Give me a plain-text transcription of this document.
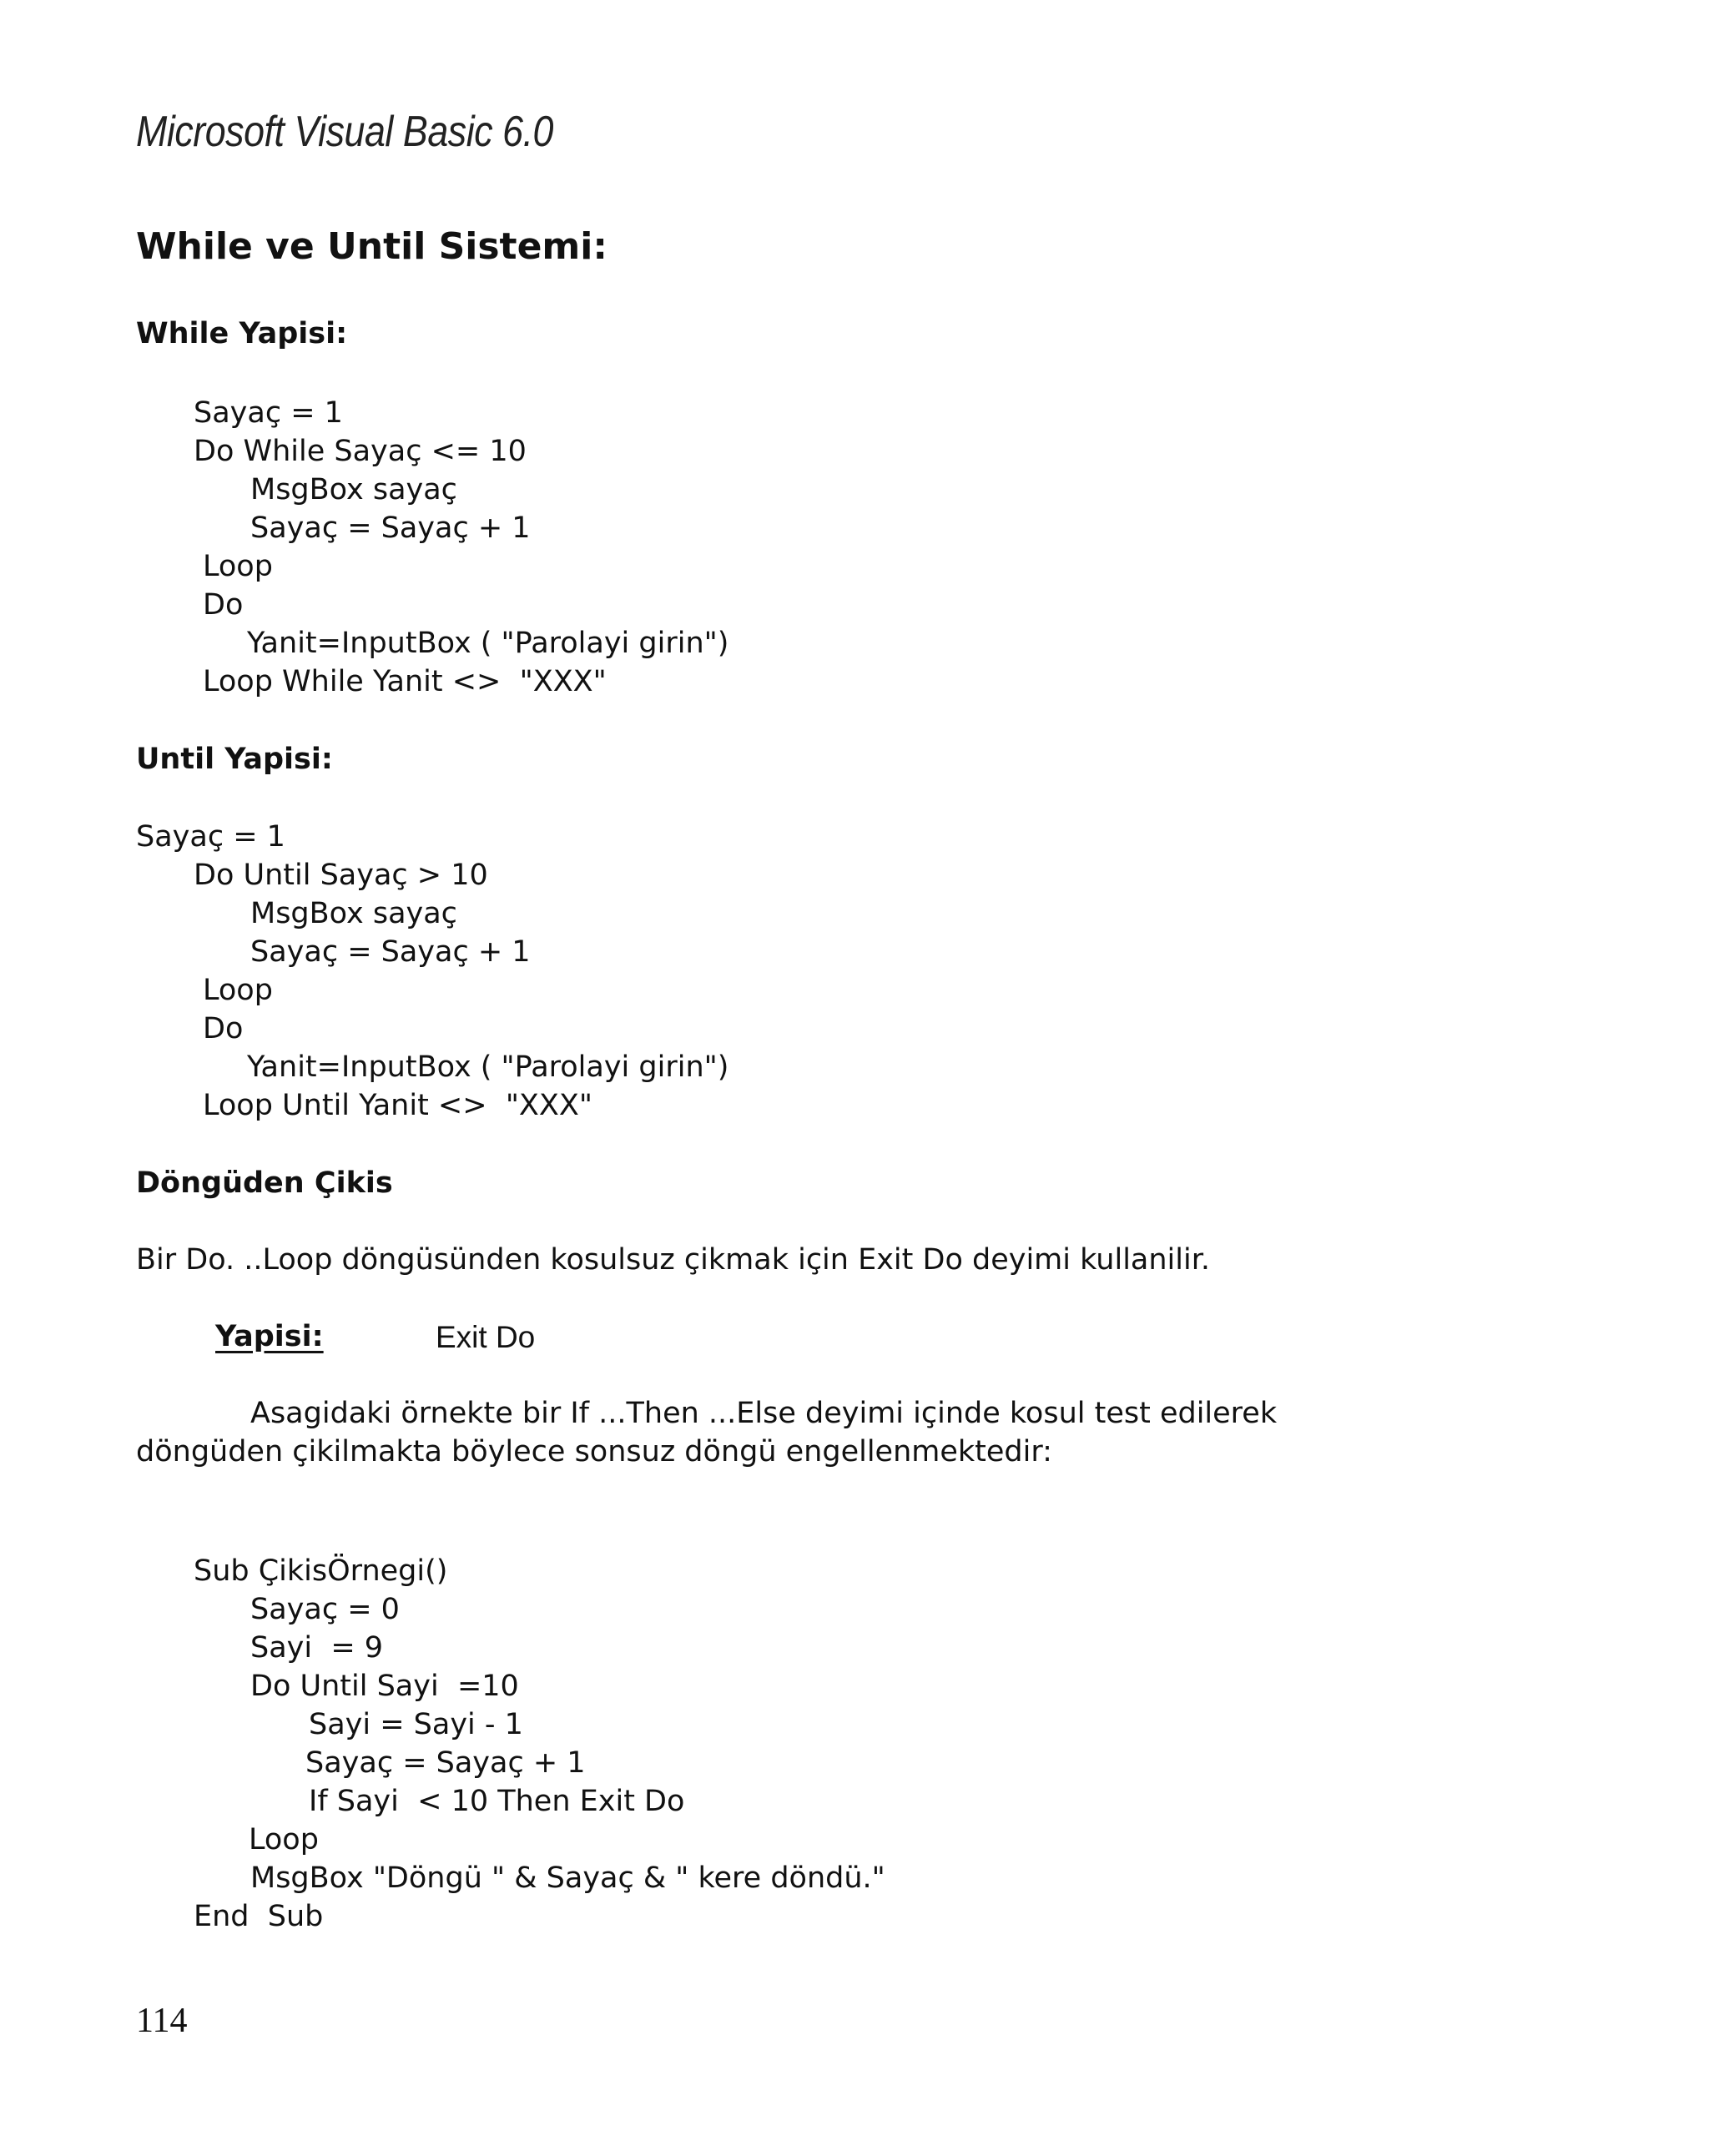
Microsoft Visual Basic 6.0
While ve Until Sistemi:
While Yapisi:
Sayaç = 1
Do While Sayaç <= 10
MsgBox sayaç
Sayaç = Sayaç + 1
Loop
Do
Yanit=InputBox ( "Parolayi girin")
Loop While Yanit <>  "XXX"
Until Yapisi:
Sayaç = 1
Do Until Sayaç > 10
MsgBox sayaç
Sayaç = Sayaç + 1
Loop
Do
Yanit=InputBox ( "Parolayi girin")
Loop Until Yanit <>  "XXX"
Döngüden Çikis
Bir Do. ..Loop döngüsünden kosulsuz çikmak için Exit Do deyimi kullanilir.
Yapisi:	Exit Do
Asagidaki örnekte bir If ...Then ...Else deyimi içinde kosul test edilerek
döngüden çikilmakta böylece sonsuz döngü engellenmektedir:
Sub ÇikisÖrnegi()
Sayaç = 0
Sayi  = 9
Do Until Sayi  =10
Sayi = Sayi - 1
Sayaç = Sayaç + 1
If Sayi  < 10 Then Exit Do
Loop
MsgBox "Döngü " & Sayaç & " kere döndü."
End  Sub
114
